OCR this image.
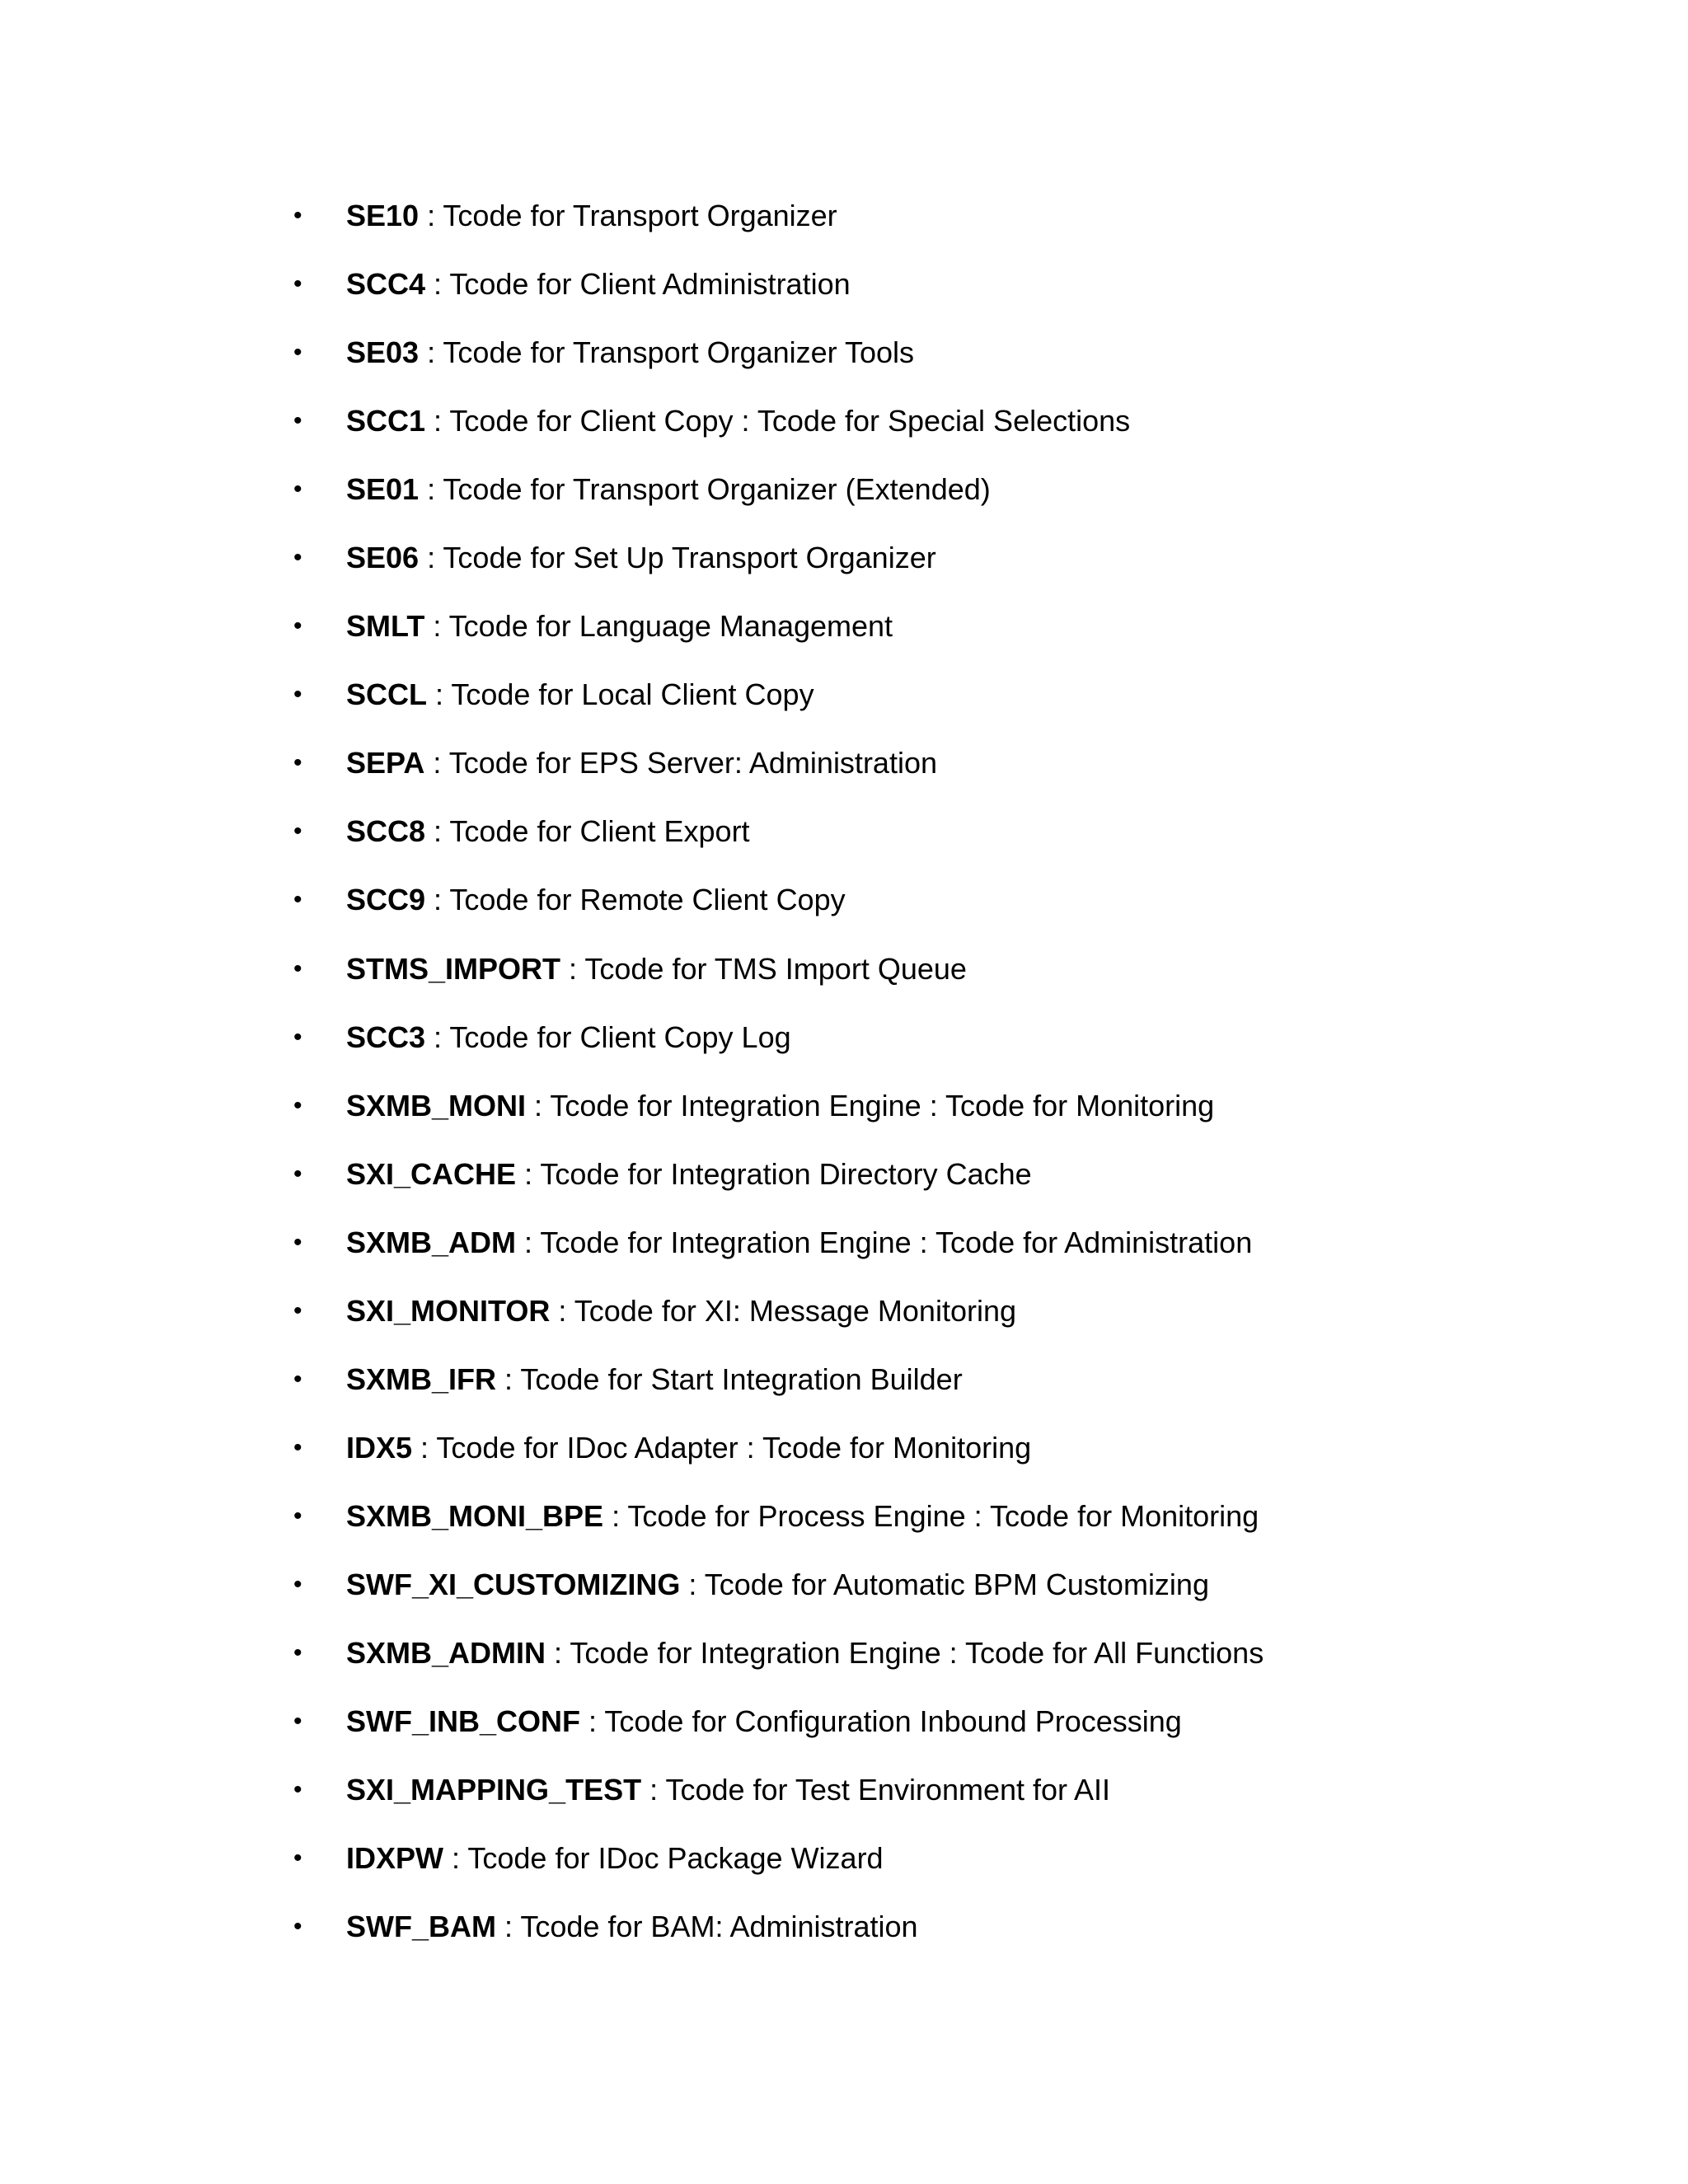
•	SE10 : Tcode for Transport Organizer
•	SCC4 : Tcode for Client Administration
•	SE03 : Tcode for Transport Organizer Tools
•	SCC1 : Tcode for Client Copy : Tcode for Special Selections
•	SE01 : Tcode for Transport Organizer (Extended)
•	SE06 : Tcode for Set Up Transport Organizer
•	SMLT : Tcode for Language Management
•	SCCL : Tcode for Local Client Copy
•	SEPA : Tcode for EPS Server: Administration
•	SCC8 : Tcode for Client Export
•	SCC9 : Tcode for Remote Client Copy
•	STMS_IMPORT : Tcode for TMS Import Queue
•	SCC3 : Tcode for Client Copy Log
•	SXMB_MONI : Tcode for Integration Engine : Tcode for Monitoring
•	SXI_CACHE : Tcode for Integration Directory Cache
•	SXMB_ADM : Tcode for Integration Engine : Tcode for Administration
•	SXI_MONITOR : Tcode for XI: Message Monitoring
•	SXMB_IFR : Tcode for Start Integration Builder
•	IDX5 : Tcode for IDoc Adapter : Tcode for Monitoring
•	SXMB_MONI_BPE : Tcode for Process Engine : Tcode for Monitoring
•	SWF_XI_CUSTOMIZING : Tcode for Automatic BPM Customizing
•	SXMB_ADMIN : Tcode for Integration Engine : Tcode for All Functions
•	SWF_INB_CONF : Tcode for Configuration Inbound Processing
•	SXI_MAPPING_TEST : Tcode for Test Environment for AII
•	IDXPW : Tcode for IDoc Package Wizard
•	SWF_BAM : Tcode for BAM: Administration
